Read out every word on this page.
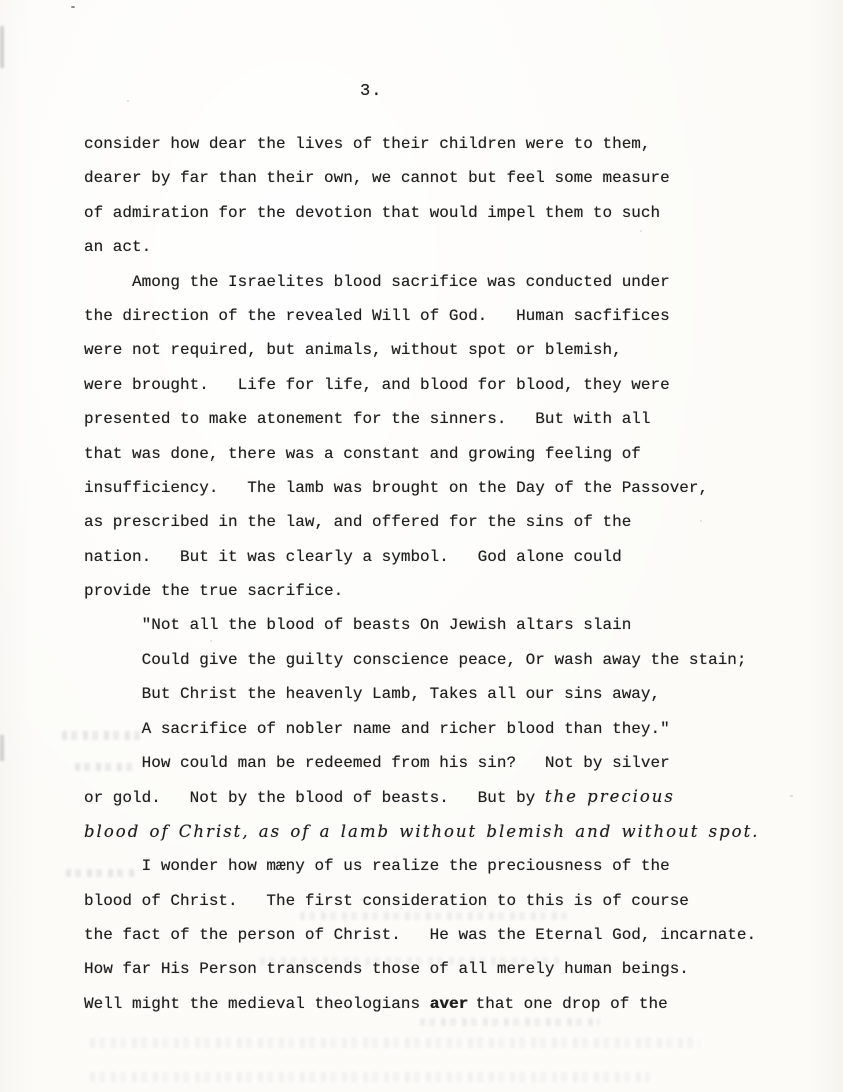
3.
consider how dear the lives of their children were to them,
dearer by far than their own, we cannot but feel some measure
of admiration for the devotion that would impel them to such
an act.
Among the Israelites blood sacrifice was conducted under
the direction of the revealed Will of God.   Human sacfifices
were not required, but animals, without spot or blemish,
were brought.   Life for life, and blood for blood, they were
presented to make atonement for the sinners.   But with all
that was done, there was a constant and growing feeling of
insufficiency.   The lamb was brought on the Day of the Passover,
as prescribed in the law, and offered for the sins of the
nation.   But it was clearly a symbol.   God alone could
provide the true sacrifice.
"Not all the blood of beasts On Jewish altars slain
Could give the guilty conscience peace, Or wash away the stain;
But Christ the heavenly Lamb, Takes all our sins away,
A sacrifice of nobler name and richer blood than they."
How could man be redeemed from his sin?   Not by silver
or gold.   Not by the blood of beasts.   But by the precious
blood of Christ, as of a lamb without blemish and without spot.
I wonder how mæny of us realize the preciousness of the
blood of Christ.   The first consideration to this is of course
the fact of the person of Christ.   He was the Eternal God, incarnate.
How far His Person transcends those of all merely human beings.
Well might the medieval theologians aver that one drop of the
